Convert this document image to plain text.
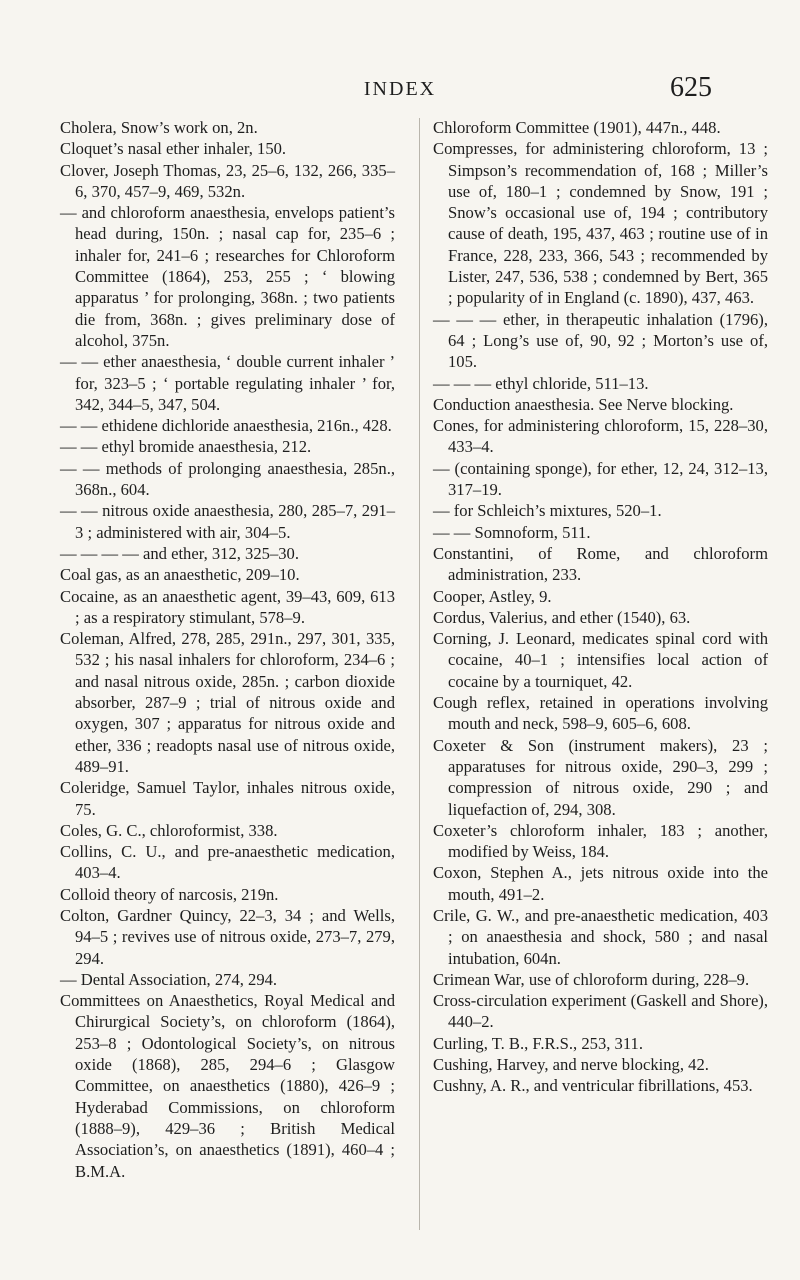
INDEX	625

Cholera, Snow’s work on, 2n.

Cloquet’s nasal ether inhaler, 150.

Clover, Joseph Thomas, 23, 25–6, 132, 266, 335–6, 370, 457–9, 469, 532n.

— and chloroform anaesthesia, envelops patient’s head during, 150n. ; nasal cap for, 235–6 ; inhaler for, 241–6 ; researches for Chloroform Committee (1864), 253, 255 ; ‘ blowing apparatus ’ for prolonging, 368n. ; two patients die from, 368n. ; gives preliminary dose of alcohol, 375n.

— — ether anaesthesia, ‘ double current inhaler ’ for, 323–5 ; ‘ portable regulating inhaler ’ for, 342, 344–5, 347, 504.

— — ethidene dichloride anaesthesia, 216n., 428.

— — ethyl bromide anaesthesia, 212.

— — methods of prolonging anaesthesia, 285n., 368n., 604.

— — nitrous oxide anaesthesia, 280, 285–7, 291–3 ; administered with air, 304–5.

— — — — and ether, 312, 325–30.

Coal gas, as an anaesthetic, 209–10.

Cocaine, as an anaesthetic agent, 39–43, 609, 613 ; as a respiratory stimulant, 578–9.

Coleman, Alfred, 278, 285, 291n., 297, 301, 335, 532 ; his nasal inhalers for chloroform, 234–6 ; and nasal nitrous oxide, 285n. ; carbon dioxide absorber, 287–9 ; trial of nitrous oxide and oxygen, 307 ; apparatus for nitrous oxide and ether, 336 ; readopts nasal use of nitrous oxide, 489–91.

Coleridge, Samuel Taylor, inhales nitrous oxide, 75.

Coles, G. C., chloroformist, 338.

Collins, C. U., and pre-anaesthetic medication, 403–4.

Colloid theory of narcosis, 219n.

Colton, Gardner Quincy, 22–3, 34 ; and Wells, 94–5 ; revives use of nitrous oxide, 273–7, 279, 294.

— Dental Association, 274, 294.

Committees on Anaesthetics, Royal Medical and Chirurgical Society’s, on chloroform (1864), 253–8 ; Odontological Society’s, on nitrous oxide (1868), 285, 294–6 ; Glasgow Committee, on anaesthetics (1880), 426–9 ; Hyderabad Commissions, on chloroform (1888–9), 429–36 ; British Medical Association’s, on anaesthetics (1891), 460–4 ; B.M.A.

Chloroform Committee (1901), 447n., 448.

Compresses, for administering chloroform, 13 ; Simpson’s recommendation of, 168 ; Miller’s use of, 180–1 ; condemned by Snow, 191 ; Snow’s occasional use of, 194 ; contributory cause of death, 195, 437, 463 ; routine use of in France, 228, 233, 366, 543 ; recommended by Lister, 247, 536, 538 ; condemned by Bert, 365 ; popularity of in England (c. 1890), 437, 463.

— — — ether, in therapeutic inhalation (1796), 64 ; Long’s use of, 90, 92 ; Morton’s use of, 105.

— — — ethyl chloride, 511–13.

Conduction anaesthesia. See Nerve blocking.

Cones, for administering chloroform, 15, 228–30, 433–4.

— (containing sponge), for ether, 12, 24, 312–13, 317–19.

— for Schleich’s mixtures, 520–1.

— — Somnoform, 511.

Constantini, of Rome, and chloroform administration, 233.

Cooper, Astley, 9.

Cordus, Valerius, and ether (1540), 63.

Corning, J. Leonard, medicates spinal cord with cocaine, 40–1 ; intensifies local action of cocaine by a tourniquet, 42.

Cough reflex, retained in operations involving mouth and neck, 598–9, 605–6, 608.

Coxeter & Son (instrument makers), 23 ; apparatuses for nitrous oxide, 290–3, 299 ; compression of nitrous oxide, 290 ; and liquefaction of, 294, 308.

Coxeter’s chloroform inhaler, 183 ; another, modified by Weiss, 184.

Coxon, Stephen A., jets nitrous oxide into the mouth, 491–2.

Crile, G. W., and pre-anaesthetic medication, 403 ; on anaesthesia and shock, 580 ; and nasal intubation, 604n.

Crimean War, use of chloroform during, 228–9.

Cross-circulation experiment (Gaskell and Shore), 440–2.

Curling, T. B., F.R.S., 253, 311.

Cushing, Harvey, and nerve blocking, 42.

Cushny, A. R., and ventricular fibrillations, 453.
